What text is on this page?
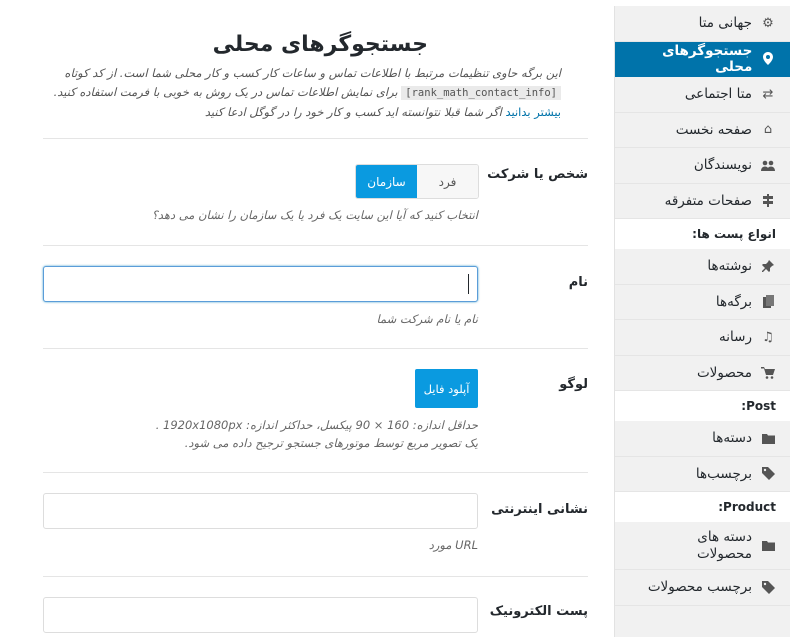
⚙
جهانی متا
جستجوگرهای محلی
⇄
متا اجتماعی
⌂
صفحه نخست
نویسندگان
صفحات متفرقه
انواع پست ها:
نوشته‌ها
برگه‌ها
♫
رسانه
محصولات
Post:
دسته‌ها
برچسب‌ها
Product:
دسته های محصولات
برچسب محصولات
جستجوگرهای محلی
این برگه حاوی تنظیمات مرتبط با اطلاعات تماس و ساعات کار کسب و کار محلی شما است. از کد کوتاه [rank_math_contact_info] برای نمایش اطلاعات تماس در یک روش به خوبی با فرمت استفاده کنید.
بیشتر بدانید اگر شما قبلا نتوانسته اید کسب و کار خود را در گوگل ادعا کنید
شخص یا شرکت
سازمان	فرد
انتخاب کنید که آیا این سایت یک فرد یا یک سازمان را نشان می دهد؟
نام
نام یا نام شرکت شما
لوگو
آپلود فایل
حداقل اندازه: 160 × 90 پیکسل، حداکثر اندازه: 1920x1080px .
یک تصویر مربع توسط موتورهای جستجو ترجیح داده می شود.
نشانی اینترنتی
URL مورد
پست الکترونیک
